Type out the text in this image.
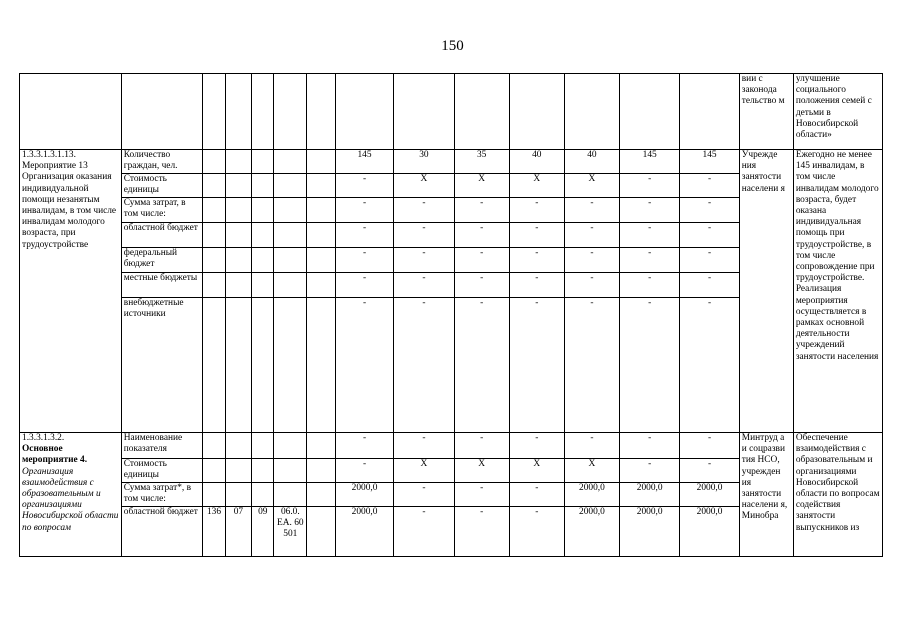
150
														вии с законода тельство м	улучшение социального положения семей с детьми в Новосибирской области»

1.3.3.1.3.1.13. Мероприятие 13
Организация оказания индивидуальной помощи незанятым инвалидам, в том числе инвалидам молодого возраста, при трудоустройстве	Количество граждан, чел.						145	30	35	40	40	145	145	Учрежде ния занятости населени я	Ежегодно не менее 145 инвалидам, в том числе инвалидам молодого возраста, будет оказана индивидуальная помощь при трудоустройстве, в том числе сопровождение при трудоустройстве. Реализация мероприятия осуществляется в рамках основной деятельности учреждений занятости населения
	Стоимость единицы						-	X	X	X	X	-	-		
	Сумма затрат, в том числе:						-	-	-	-	-	-	-		
	областной бюджет						-	-	-	-	-	-	-		
	федеральный бюджет						-	-	-	-	-	-	-		
	местные бюджеты						-	-	-	-	-	-	-		
	внебюджетные источники						-	-	-	-	-	-	-		

1.3.3.1.3.2.
Основное мероприятие 4.
Организация взаимодействия с образовательным и организациями Новосибирской области по вопросам	Наименование показателя						-	-	-	-	-	-	-	Минтруд а и соцразви тия НСО, учрежден ия занятости населени я, Минобра	Обеспечение взаимодействия с образовательным и организациями Новосибирской области по вопросам содействия занятости выпускников из
	Стоимость единицы						-	X	X	X	X	-	-		
	Сумма затрат*, в том числе:						2000,0	-	-	-	2000,0	2000,0	2000,0		
	областной бюджет	136	07	09	06.0. ЕА. 60 501		2000,0	-	-	-	2000,0	2000,0	2000,0		
